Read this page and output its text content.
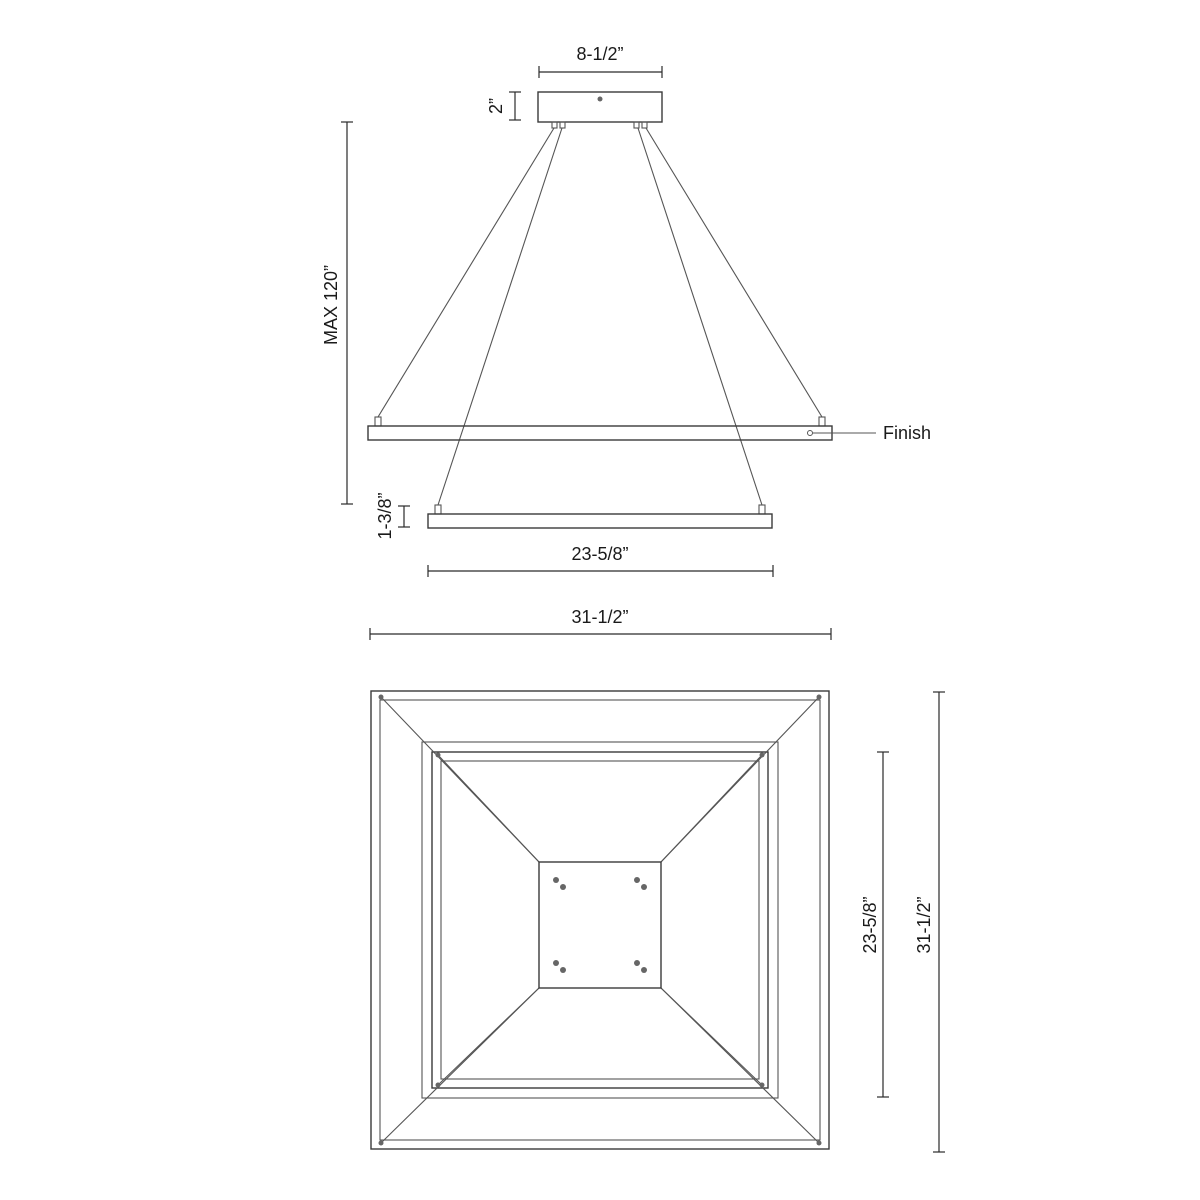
Finish
8-1/2”
2”
MAX 120”
1-3/8”
23-5/8”
31-1/2”
23-5/8” 31-1/2”
